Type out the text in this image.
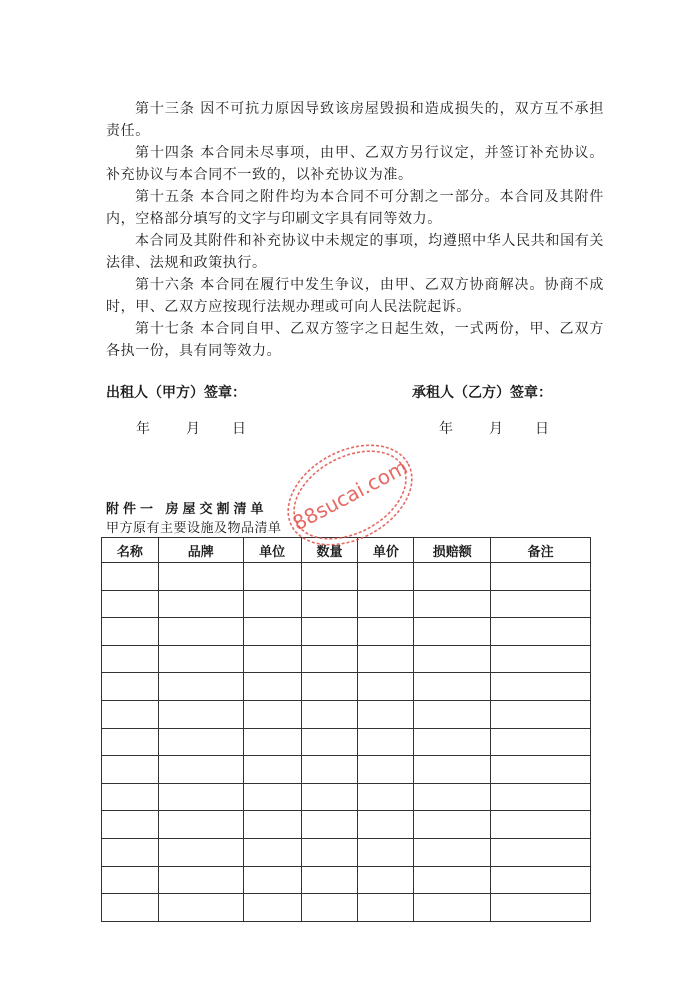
第十三条 因不可抗力原因导致该房屋毁损和造成损失的，双方互不承担责任。

第十四条 本合同未尽事项，由甲、乙双方另行议定，并签订补充协议。补充协议与本合同不一致的，以补充协议为准。

第十五条 本合同之附件均为本合同不可分割之一部分。本合同及其附件内，空格部分填写的文字与印刷文字具有同等效力。

本合同及其附件和补充协议中未规定的事项，均遵照中华人民共和国有关法律、法规和政策执行。

第十六条 本合同在履行中发生争议，由甲、乙双方协商解决。协商不成时，甲、乙双方应按现行法规办理或可向人民法院起诉。

第十七条 本合同自甲、乙双方签字之日起生效，一式两份，甲、乙双方各执一份，具有同等效力。

出租人（甲方）签章：	承租人（乙方）签章：
年	月 日	年	月 日
附件一 房屋交割清单
甲方原有主要设施及物品清单
名称	品牌	单位	数量	单价	损赔额	备注

88sucai.com
